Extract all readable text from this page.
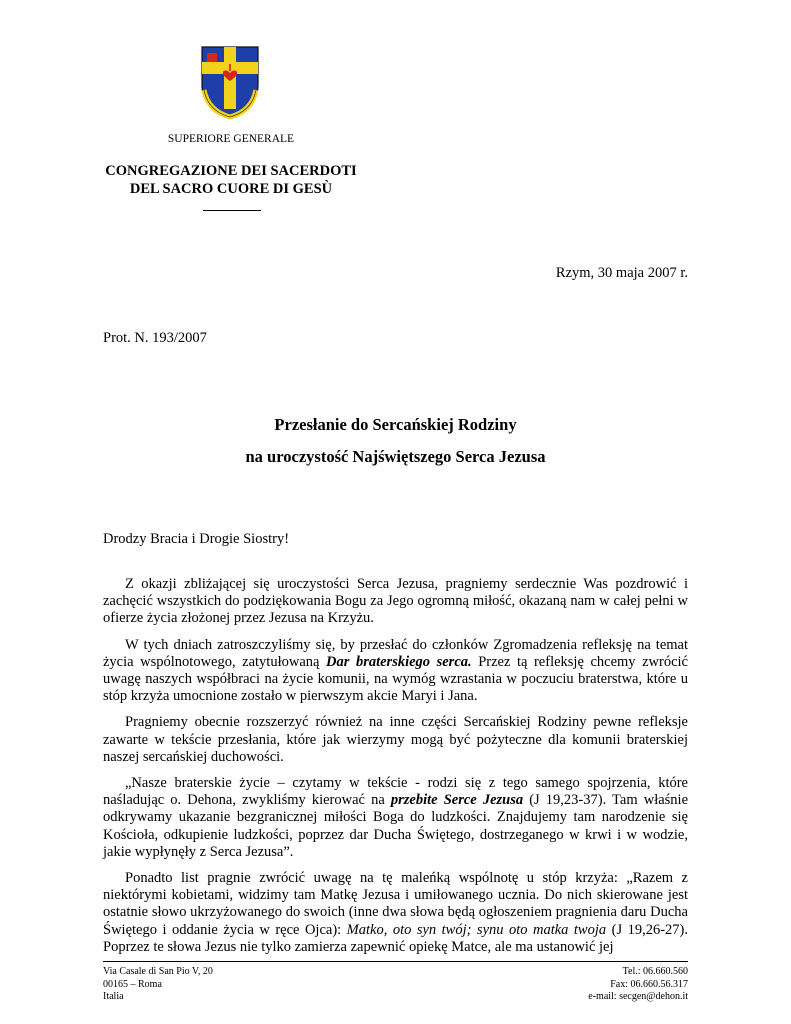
SUPERIORE GENERALE
CONGREGAZIONE DEI SACERDOTI
DEL SACRO CUORE DI GESÙ
Rzym, 30 maja 2007 r.
Prot. N. 193/2007
Przesłanie do Sercańskiej Rodziny
na uroczystość Najświętszego Serca Jezusa
Drodzy Bracia i Drogie Siostry!

Z okazji zbliżającej się uroczystości Serca Jezusa, pragniemy serdecznie Was pozdrowić i zachęcić wszystkich do podziękowania Bogu za Jego ogromną miłość, okazaną nam w całej pełni w ofierze życia złożonej przez Jezusa na Krzyżu.

W tych dniach zatroszczyliśmy się, by przesłać do członków Zgromadzenia refleksję na temat życia wspólnotowego, zatytułowaną Dar braterskiego serca. Przez tą refleksję chcemy zwrócić uwagę naszych współbraci na życie komunii, na wymóg wzrastania w poczuciu braterstwa, które u stóp krzyża umocnione zostało w pierwszym akcie Maryi i Jana.

Pragniemy obecnie rozszerzyć również na inne części Sercańskiej Rodziny pewne refleksje zawarte w tekście przesłania, które jak wierzymy mogą być pożyteczne dla komunii braterskiej naszej sercańskiej duchowości.

„Nasze braterskie życie – czytamy w tekście - rodzi się z tego samego spojrzenia, które naśladując o. Dehona, zwykliśmy kierować na przebite Serce Jezusa (J 19,23-37). Tam właśnie odkrywamy ukazanie bezgranicznej miłości Boga do ludzkości. Znajdujemy tam narodzenie się Kościoła, odkupienie ludzkości, poprzez dar Ducha Świętego, dostrzeganego w krwi i w wodzie, jakie wypłynęły z Serca Jezusa”.

Ponadto list pragnie zwrócić uwagę na tę maleńką wspólnotę u stóp krzyża: „Razem z niektórymi kobietami, widzimy tam Matkę Jezusa i umiłowanego ucznia. Do nich skierowane jest ostatnie słowo ukrzyżowanego do swoich (inne dwa słowa będą ogłoszeniem pragnienia daru Ducha Świętego i oddanie życia w ręce Ojca): Matko, oto syn twój; synu oto matka twoja (J 19,26-27). Poprzez te słowa Jezus nie tylko zamierza zapewnić opiekę Matce, ale ma ustanowić jej

Via Casale di San Pio V, 20
00165 – Roma
Italia
Tel.: 06.660.560
Fax: 06.660.56.317
e-mail: secgen@dehon.it
